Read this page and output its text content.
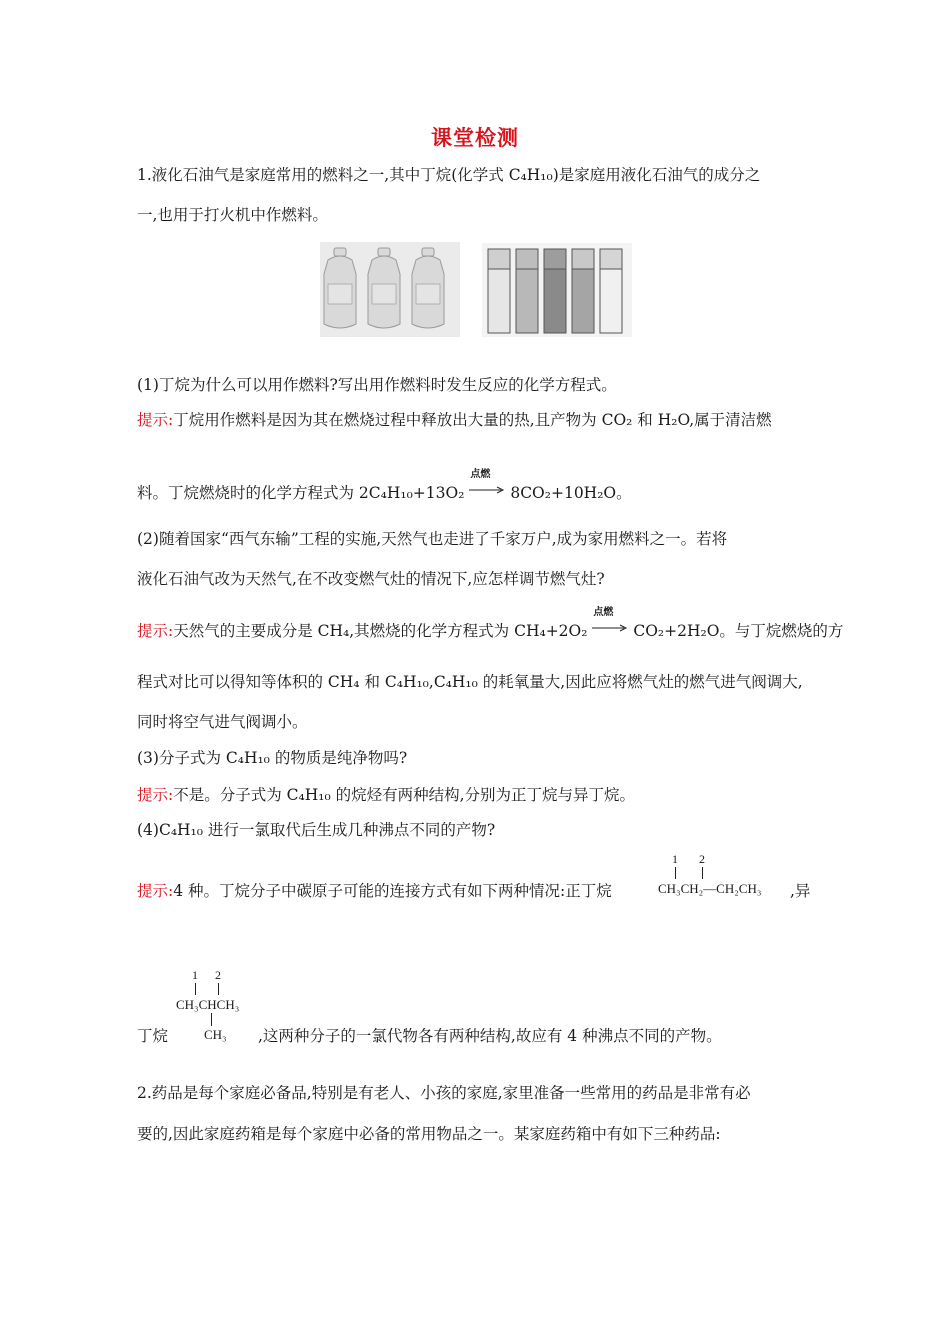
课堂检测
1.液化石油气是家庭常用的燃料之一,其中丁烷(化学式 C₄H₁₀)是家庭用液化石油气的成分之
一,也用于打火机中作燃料。
(1)丁烷为什么可以用作燃料?写出用作燃料时发生反应的化学方程式。
提示:丁烷用作燃料是因为其在燃烧过程中释放出大量的热,且产物为 CO₂ 和 H₂O,属于清洁燃
料。丁烷燃烧时的化学方程式为 2C₄H₁₀+13O₂
点燃
8CO₂+10H₂O。
(2)随着国家“西气东输”工程的实施,天然气也走进了千家万户,成为家用燃料之一。若将
液化石油气改为天然气,在不改变燃气灶的情况下,应怎样调节燃气灶?
提示:天然气的主要成分是 CH₄,其燃烧的化学方程式为 CH₄+2O₂
点燃
CO₂+2H₂O。与丁烷燃烧的方
程式对比可以得知等体积的 CH₄ 和 C₄H₁₀,C₄H₁₀ 的耗氧量大,因此应将燃气灶的燃气进气阀调大,
同时将空气进气阀调小。
(3)分子式为 C₄H₁₀ 的物质是纯净物吗?
提示:不是。分子式为 C₄H₁₀ 的烷烃有两种结构,分别为正丁烷与异丁烷。
(4)C₄H₁₀ 进行一氯取代后生成几种沸点不同的产物?
提示:4 种。丁烷分子中碳原子可能的连接方式有如下两种情况:正丁烷
1 2
CH₃CH₂—CH₂CH₃ ,异
1 2
CH₃CHCH₃
CH₃
丁烷	,这两种分子的一氯代物各有两种结构,故应有 4 种沸点不同的产物。
2.药品是每个家庭必备品,特别是有老人、小孩的家庭,家里准备一些常用的药品是非常有必
要的,因此家庭药箱是每个家庭中必备的常用物品之一。某家庭药箱中有如下三种药品:
